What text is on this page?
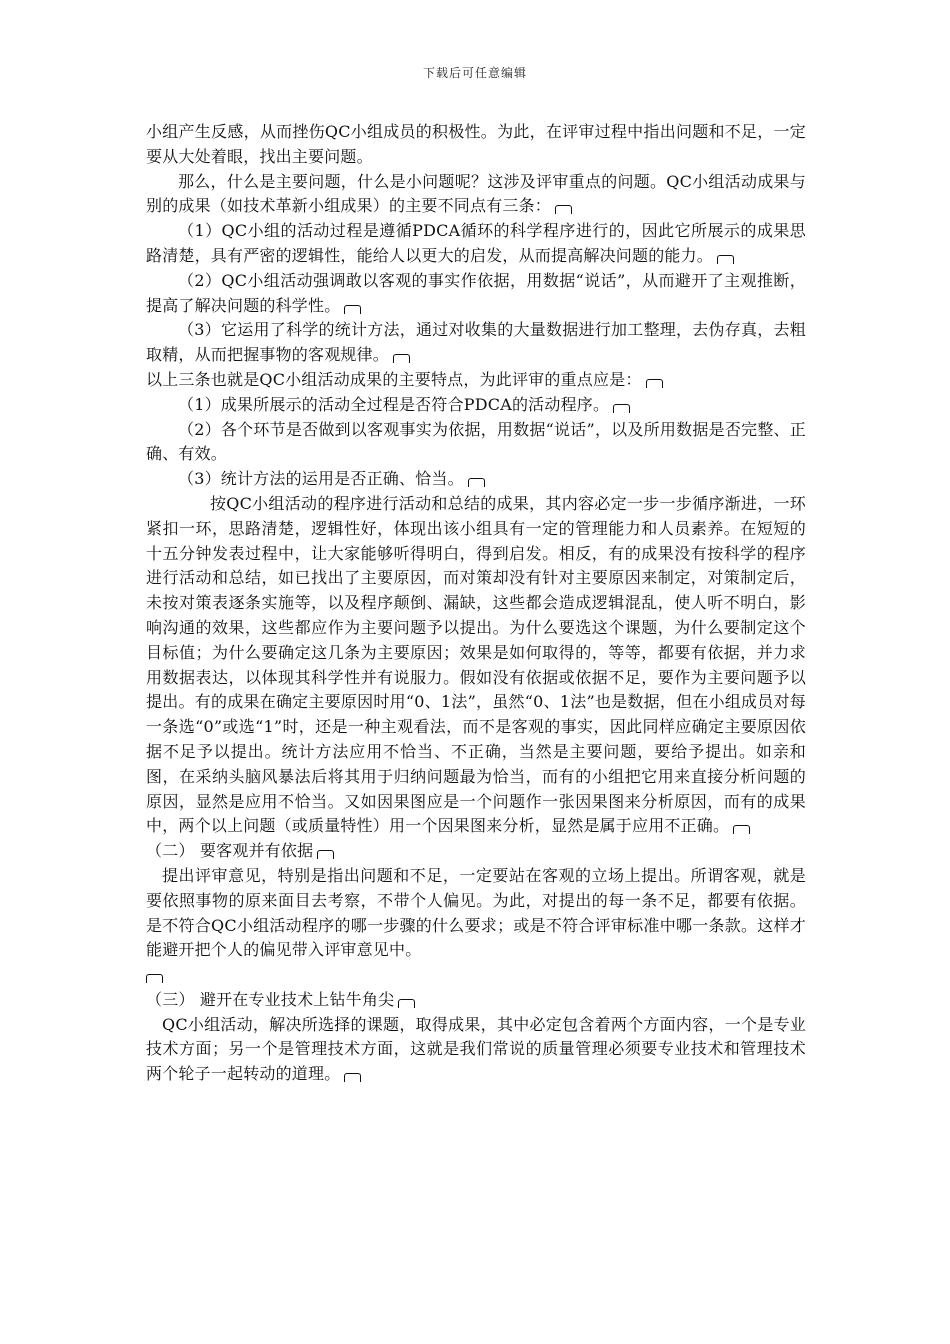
下载后可任意编辑

小组产生反感，从而挫伤QC小组成员的积极性。为此，在评审过程中指出问题和不足，一定要从大处着眼，找出主要问题。

那么，什么是主要问题，什么是小问题呢？这涉及评审重点的问题。QC小组活动成果与别的成果（如技术革新小组成果）的主要不同点有三条：

（1）QC小组的活动过程是遵循PDCA循环的科学程序进行的，因此它所展示的成果思路清楚，具有严密的逻辑性，能给人以更大的启发，从而提高解决问题的能力。

（2）QC小组活动强调敢以客观的事实作依据，用数据“说话”，从而避开了主观推断，提高了解决问题的科学性。

（3）它运用了科学的统计方法，通过对收集的大量数据进行加工整理，去伪存真，去粗取精，从而把握事物的客观规律。

以上三条也就是QC小组活动成果的主要特点，为此评审的重点应是：

（1）成果所展示的活动全过程是否符合PDCA的活动程序。

（2）各个环节是否做到以客观事实为依据，用数据“说话”，以及所用数据是否完整、正确、有效。

（3）统计方法的运用是否正确、恰当。

按QC小组活动的程序进行活动和总结的成果，其内容必定一步一步循序渐进，一环紧扣一环，思路清楚，逻辑性好，体现出该小组具有一定的管理能力和人员素养。在短短的十五分钟发表过程中，让大家能够听得明白，得到启发。相反，有的成果没有按科学的程序进行活动和总结，如已找出了主要原因，而对策却没有针对主要原因来制定，对策制定后，未按对策表逐条实施等，以及程序颠倒、漏缺，这些都会造成逻辑混乱，使人听不明白，影响沟通的效果，这些都应作为主要问题予以提出。为什么要选这个课题，为什么要制定这个目标值；为什么要确定这几条为主要原因；效果是如何取得的，等等，都要有依据，并力求用数据表达，以体现其科学性并有说服力。假如没有依据或依据不足，要作为主要问题予以提出。有的成果在确定主要原因时用“0、1法”，虽然“0、1法”也是数据，但在小组成员对每一条选“0”或选“1”时，还是一种主观看法，而不是客观的事实，因此同样应确定主要原因依据不足予以提出。统计方法应用不恰当、不正确，当然是主要问题，要给予提出。如亲和图，在采纳头脑风暴法后将其用于归纳问题最为恰当，而有的小组把它用来直接分析问题的原因，显然是应用不恰当。又如因果图应是一个问题作一张因果图来分析原因，而有的成果中，两个以上问题（或质量特性）用一个因果图来分析，显然是属于应用不正确。

（二） 要客观并有依据

提出评审意见，特别是指出问题和不足，一定要站在客观的立场上提出。所谓客观，就是要依照事物的原来面目去考察，不带个人偏见。为此，对提出的每一条不足，都要有依据。是不符合QC小组活动程序的哪一步骤的什么要求；或是不符合评审标准中哪一条款。这样才能避开把个人的偏见带入评审意见中。

（三） 避开在专业技术上钻牛角尖

QC小组活动，解决所选择的课题，取得成果，其中必定包含着两个方面内容，一个是专业技术方面；另一个是管理技术方面，这就是我们常说的质量管理必须要专业技术和管理技术两个轮子一起转动的道理。
